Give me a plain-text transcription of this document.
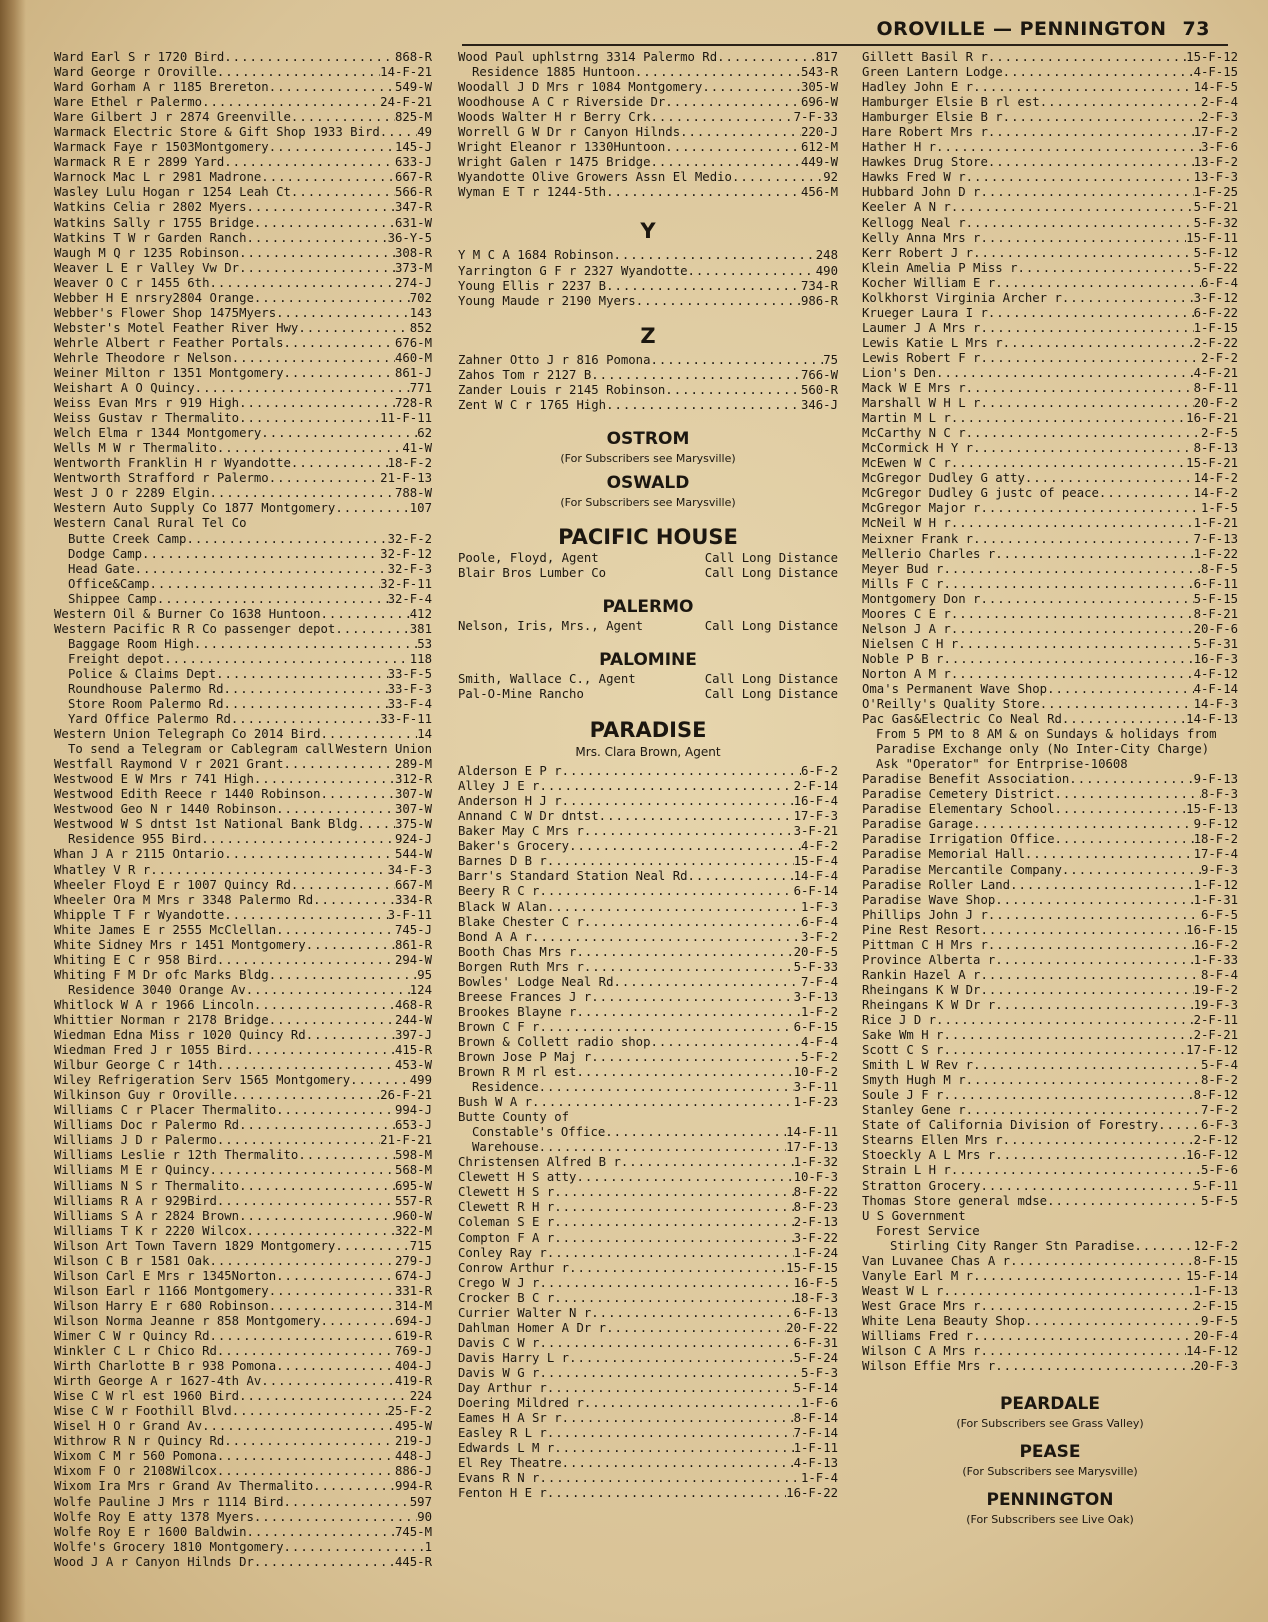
OROVILLE — PENNINGTON 73
Ward Earl S r 1720 Bird .....	868-R
Ward George r Oroville .....	14-F-21
Ward Gorham A r 1185 Brereton .....	549-W
Ware Ethel r Palermo .....	24-F-21
Ware Gilbert J r 2874 Greenville .....	825-M
Warmack Electric Store & Gift Shop 1933 Bird .....	49
Warmack Faye r 1503Montgomery .....	145-J
Warmack R E r 2899 Yard .....	633-J
Warnock Mac L r 2981 Madrone .....	667-R
Wasley Lulu Hogan r 1254 Leah Ct .....	566-R
Watkins Celia r 2802 Myers .....	347-R
Watkins Sally r 1755 Bridge .....	631-W
Watkins T W r Garden Ranch .....	36-Y-5
Waugh M Q r 1235 Robinson .....	308-R
Weaver L E r Valley Vw Dr .....	373-M
Weaver O C r 1455 6th .....	274-J
Webber H E nrsry2804 Orange .....	702
Webber's Flower Shop 1475Myers .....	143
Webster's Motel Feather River Hwy .....	852
Wehrle Albert r Feather Portals .....	676-M
Wehrle Theodore r Nelson .....	460-M
Weiner Milton r 1351 Montgomery .....	861-J
Weishart A O Quincy .....	771
Weiss Evan Mrs r 919 High .....	728-R
Weiss Gustav r Thermalito .....	11-F-11
Welch Elma r 1344 Montgomery .....	62
Wells M W r Thermalito .....	41-W
Wentworth Franklin H r Wyandotte .....	18-F-2
Wentworth Strafford r Palermo .....	21-F-13
West J O r 2289 Elgin .....	788-W
Western Auto Supply Co 1877 Montgomery .....	107
Western Canal Rural Tel Co
Butte Creek Camp .....	32-F-2
Dodge Camp .....	32-F-12
Head Gate .....	32-F-3
Office&Camp .....	32-F-11
Shippee Camp .....	32-F-4
Western Oil & Burner Co 1638 Huntoon .....	412
Western Pacific R R Co passenger depot .....	381
Baggage Room High .....	53
Freight depot .....	118
Police & Claims Dept .....	33-F-5
Roundhouse Palermo Rd .....	33-F-3
Store Room Palermo Rd .....	33-F-4
Yard Office Palermo Rd .....	33-F-11
Western Union Telegraph Co 2014 Bird .....	14
To send a Telegram or Cablegram call ..... Western Union
Westfall Raymond V r 2021 Grant .....	289-M
Westwood E W Mrs r 741 High .....	312-R
Westwood Edith Reece r 1440 Robinson .....	307-W
Westwood Geo N r 1440 Robinson .....	307-W
Westwood W S dntst 1st National Bank Bldg .....	375-W
Residence 955 Bird .....	924-J
Whan J A r 2115 Ontario .....	544-W
Whatley V R r .....	34-F-3
Wheeler Floyd E r 1007 Quincy Rd .....	667-M
Wheeler Ora M Mrs r 3348 Palermo Rd .....	334-R
Whipple T F r Wyandotte .....	3-F-11
White James E r 2555 McClellan .....	745-J
White Sidney Mrs r 1451 Montgomery .....	861-R
Whiting E C r 958 Bird .....	294-W
Whiting F M Dr ofc Marks Bldg .....	95
Residence 3040 Orange Av .....	124
Whitlock W A r 1966 Lincoln .....	468-R
Whittier Norman r 2178 Bridge .....	244-W
Wiedman Edna Miss r 1020 Quincy Rd .....	397-J
Wiedman Fred J r 1055 Bird .....	415-R
Wilbur George C r 14th .....	453-W
Wiley Refrigeration Serv 1565 Montgomery .....	499
Wilkinson Guy r Oroville .....	26-F-21
Williams C r Placer Thermalito .....	994-J
Williams Doc r Palermo Rd .....	653-J
Williams J D r Palermo .....	21-F-21
Williams Leslie r 12th Thermalito .....	598-M
Williams M E r Quincy .....	568-M
Williams N S r Thermalito .....	695-W
Williams R A r 929Bird .....	557-R
Williams S A r 2824 Brown .....	960-W
Williams T K r 2220 Wilcox .....	322-M
Wilson Art Town Tavern 1829 Montgomery .....	715
Wilson C B r 1581 Oak .....	279-J
Wilson Carl E Mrs r 1345Norton .....	674-J
Wilson Earl r 1166 Montgomery .....	331-R
Wilson Harry E r 680 Robinson .....	314-M
Wilson Norma Jeanne r 858 Montgomery .....	694-J
Wimer C W r Quincy Rd .....	619-R
Winkler C L r Chico Rd .....	769-J
Wirth Charlotte B r 938 Pomona .....	404-J
Wirth George A r 1627-4th Av .....	419-R
Wise C W rl est 1960 Bird .....	224
Wise C W r Foothill Blvd .....	25-F-2
Wisel H O r Grand Av .....	495-W
Withrow R N r Quincy Rd .....	219-J
Wixom C M r 560 Pomona .....	448-J
Wixom F O r 2108Wilcox .....	886-J
Wixom Ira Mrs r Grand Av Thermalito .....	994-R
Wolfe Pauline J Mrs r 1114 Bird .....	597
Wolfe Roy E atty 1378 Myers .....	90
Wolfe Roy E r 1600 Baldwin .....	745-M
Wolfe's Grocery 1810 Montgomery .....	1
Wood J A r Canyon Hilnds Dr .....	445-R
Wood Paul uphlstrng 3314 Palermo Rd .....	817
Residence 1885 Huntoon .....	543-R
Woodall J D Mrs r 1084 Montgomery .....	305-W
Woodhouse A C r Riverside Dr .....	696-W
Woods Walter H r Berry Crk .....	7-F-33
Worrell G W Dr r Canyon Hilnds .....	220-J
Wright Eleanor r 1330Huntoon .....	612-M
Wright Galen r 1475 Bridge .....	449-W
Wyandotte Olive Growers Assn El Medio .....	92
Wyman E T r 1244-5th .....	456-M
Y
Y M C A 1684 Robinson .....	248
Yarrington G F r 2327 Wyandotte .....	490
Young Ellis r 2237 B .....	734-R
Young Maude r 2190 Myers .....	986-R
Z
Zahner Otto J r 816 Pomona .....	75
Zahos Tom r 2127 B .....	766-W
Zander Louis r 2145 Robinson .....	560-R
Zent W C r 1765 High .....	346-J
OSTROM
(For Subscribers see Marysville)
OSWALD
(For Subscribers see Marysville)
PACIFIC HOUSE
Poole, Floyd, Agent	Call Long Distance
Blair Bros Lumber Co	Call Long Distance
PALERMO
Nelson, Iris, Mrs., Agent	Call Long Distance
PALOMINE
Smith, Wallace C., Agent	Call Long Distance
Pal-O-Mine Rancho	Call Long Distance
PARADISE
Mrs. Clara Brown, Agent
Alderson E P r .....	6-F-2
Alley J E r .....	2-F-14
Anderson H J r .....	16-F-4
Annand C W Dr dntst .....	17-F-3
Baker May C Mrs r .....	3-F-21
Baker's Grocery .....	4-F-2
Barnes D B r .....	15-F-4
Barr's Standard Station Neal Rd .....	14-F-4
Beery R C r .....	6-F-14
Black W Alan .....	1-F-3
Blake Chester C r .....	6-F-4
Bond A A r .....	3-F-2
Booth Chas Mrs r .....	20-F-5
Borgen Ruth Mrs r .....	5-F-33
Bowles' Lodge Neal Rd .....	7-F-4
Breese Frances J r .....	3-F-13
Brookes Blayne r .....	1-F-2
Brown C F r .....	6-F-15
Brown & Collett radio shop .....	4-F-4
Brown Jose P Maj r .....	5-F-2
Brown R M rl est .....	10-F-2
Residence .....	3-F-11
Bush W A r .....	1-F-23
Butte County of
Constable's Office .....	14-F-11
Warehouse .....	17-F-13
Christensen Alfred B r .....	1-F-32
Clewett H S atty .....	10-F-3
Clewett H S r .....	8-F-22
Clewett R H r .....	8-F-23
Coleman S E r .....	2-F-13
Compton F A r .....	3-F-22
Conley Ray r .....	1-F-24
Conrow Arthur r .....	15-F-15
Crego W J r .....	16-F-5
Crocker B C r .....	18-F-3
Currier Walter N r .....	6-F-13
Dahlman Homer A Dr r .....	20-F-22
Davis C W r .....	6-F-31
Davis Harry L r .....	5-F-24
Davis W G r .....	5-F-3
Day Arthur r .....	5-F-14
Doering Mildred r .....	1-F-6
Eames H A Sr r .....	8-F-14
Easley R L r .....	7-F-14
Edwards L M r .....	1-F-11
El Rey Theatre .....	4-F-13
Evans R N r .....	1-F-4
Fenton H E r .....	16-F-22
Gillett Basil R r .....	15-F-12
Green Lantern Lodge .....	4-F-15
Hadley John E r .....	14-F-5
Hamburger Elsie B rl est .....	2-F-4
Hamburger Elsie B r .....	2-F-3
Hare Robert Mrs r .....	17-F-2
Hather H r .....	3-F-6
Hawkes Drug Store .....	13-F-2
Hawks Fred W r .....	13-F-3
Hubbard John D r .....	1-F-25
Keeler A N r .....	5-F-21
Kellogg Neal r .....	5-F-32
Kelly Anna Mrs r .....	15-F-11
Kerr Robert J r .....	5-F-12
Klein Amelia P Miss r .....	5-F-22
Kocher William E r .....	6-F-4
Kolkhorst Virginia Archer r .....	3-F-12
Krueger Laura I r .....	6-F-22
Laumer J A Mrs r .....	1-F-15
Lewis Katie L Mrs r .....	2-F-22
Lewis Robert F r .....	2-F-2
Lion's Den .....	4-F-21
Mack W E Mrs r .....	8-F-11
Marshall W H L r .....	20-F-2
Martin M L r .....	16-F-21
McCarthy N C r .....	2-F-5
McCormick H Y r .....	8-F-13
McEwen W C r .....	15-F-21
McGregor Dudley G atty .....	14-F-2
McGregor Dudley G justc of peace .....	14-F-2
McGregor Major r .....	1-F-5
McNeil W H r .....	1-F-21
Meixner Frank r .....	7-F-13
Mellerio Charles r .....	1-F-22
Meyer Bud r .....	8-F-5
Mills F C r .....	6-F-11
Montgomery Don r .....	5-F-15
Moores C E r .....	8-F-21
Nelson J A r .....	20-F-6
Nielsen C H r .....	5-F-31
Noble P B r .....	16-F-3
Norton A M r .....	4-F-12
Oma's Permanent Wave Shop .....	4-F-14
O'Reilly's Quality Store .....	14-F-3
Pac Gas&Electric Co Neal Rd .....	14-F-13
From 5 PM to 8 AM & on Sundays & holidays from
Paradise Exchange only (No Inter-City Charge)
Ask "Operator" for Entrprise-10608
Paradise Benefit Association .....	9-F-13
Paradise Cemetery District .....	8-F-3
Paradise Elementary School .....	15-F-13
Paradise Garage .....	9-F-12
Paradise Irrigation Office .....	18-F-2
Paradise Memorial Hall .....	17-F-4
Paradise Mercantile Company .....	9-F-3
Paradise Roller Land .....	1-F-12
Paradise Wave Shop .....	1-F-31
Phillips John J r .....	6-F-5
Pine Rest Resort .....	16-F-15
Pittman C H Mrs r .....	16-F-2
Province Alberta r .....	1-F-33
Rankin Hazel A r .....	8-F-4
Rheingans K W Dr .....	19-F-2
Rheingans K W Dr r .....	19-F-3
Rice J D r .....	2-F-11
Sake Wm H r .....	2-F-21
Scott C S r .....	17-F-12
Smith L W Rev r .....	5-F-4
Smyth Hugh M r .....	8-F-2
Soule J F r .....	8-F-12
Stanley Gene r .....	7-F-2
State of California Division of Forestry .....	6-F-3
Stearns Ellen Mrs r .....	2-F-12
Stoeckly A L Mrs r .....	16-F-12
Strain L H r .....	5-F-6
Stratton Grocery .....	5-F-11
Thomas Store general mdse .....	5-F-5
U S Government
Forest Service
Stirling City Ranger Stn Paradise .....	12-F-2
Van Luvanee Chas A r .....	8-F-15
Vanyle Earl M r .....	15-F-14
Weast W L r .....	1-F-13
West Grace Mrs r .....	2-F-15
White Lena Beauty Shop .....	9-F-5
Williams Fred r .....	20-F-4
Wilson C A Mrs r .....	14-F-12
Wilson Effie Mrs r .....	20-F-3
PEARDALE
(For Subscribers see Grass Valley)
PEASE
(For Subscribers see Marysville)
PENNINGTON
(For Subscribers see Live Oak)
